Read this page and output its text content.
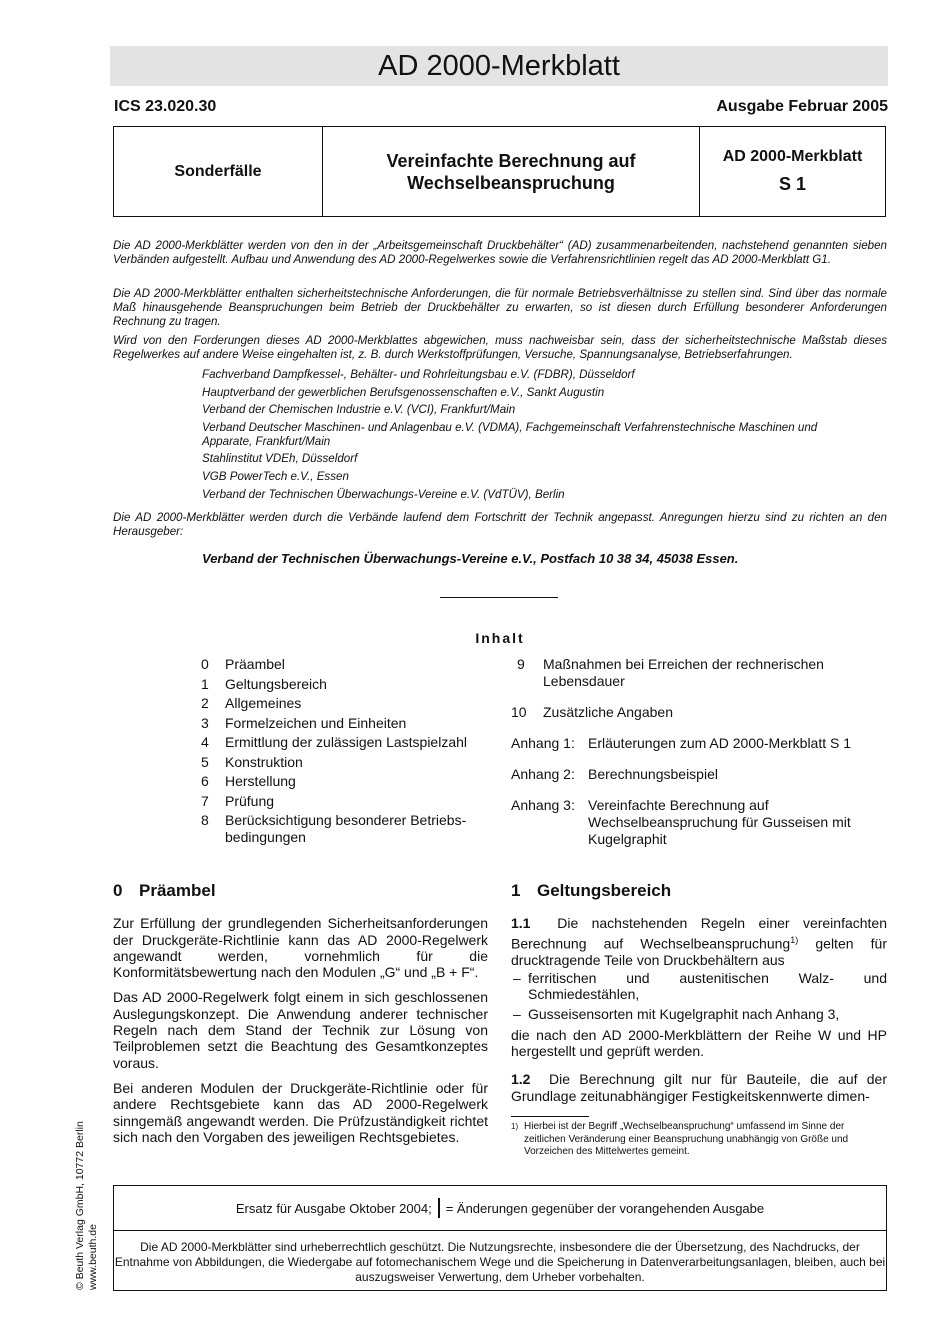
AD 2000-Merkblatt
ICS 23.020.30	Ausgabe Februar 2005
Sonderfälle
Vereinfachte Berechnung auf
Wechselbeanspruchung
AD 2000-Merkblatt
S 1
Die AD 2000-Merkblätter werden von den in der „Arbeitsgemeinschaft Druckbehälter“ (AD) zusammenarbeitenden, nachstehend genannten sieben Verbänden aufgestellt. Aufbau und Anwendung des AD 2000-Regelwerkes sowie die Verfahrensrichtlinien regelt das AD 2000-Merkblatt G1.
Die AD 2000-Merkblätter enthalten sicherheitstechnische Anforderungen, die für normale Betriebsverhältnisse zu stellen sind. Sind über das normale Maß hinausgehende Beanspruchungen beim Betrieb der Druckbehälter zu erwarten, so ist diesen durch Erfüllung besonderer Anforderungen Rechnung zu tragen.
Wird von den Forderungen dieses AD 2000-Merkblattes abgewichen, muss nachweisbar sein, dass der sicherheitstechnische Maßstab dieses Regelwerkes auf andere Weise eingehalten ist, z. B. durch Werkstoffprüfungen, Versuche, Spannungsanalyse, Betriebserfahrungen.
Fachverband Dampfkessel-, Behälter- und Rohrleitungsbau e.V. (FDBR), Düsseldorf
Hauptverband der gewerblichen Berufsgenossenschaften e.V., Sankt Augustin
Verband der Chemischen Industrie e.V. (VCI), Frankfurt/Main
Verband Deutscher Maschinen- und Anlagenbau e.V. (VDMA), Fachgemeinschaft Verfahrenstechnische Maschinen und Apparate, Frankfurt/Main
Stahlinstitut VDEh, Düsseldorf
VGB PowerTech e.V., Essen
Verband der Technischen Überwachungs-Vereine e.V. (VdTÜV), Berlin
Die AD 2000-Merkblätter werden durch die Verbände laufend dem Fortschritt der Technik angepasst. Anregungen hierzu sind zu richten an den Herausgeber:
Verband der Technischen Überwachungs-Vereine e.V., Postfach 10 38 34, 45038 Essen.
Inhalt
0	Präambel
1	Geltungsbereich
2	Allgemeines
3	Formelzeichen und Einheiten
4	Ermittlung der zulässigen Lastspielzahl
5	Konstruktion
6	Herstellung
7	Prüfung
8	Berücksichtigung besonderer Betriebs-bedingungen
9	Maßnahmen bei Erreichen der rechnerischen Lebensdauer
10	Zusätzliche Angaben
Anhang 1: Erläuterungen zum AD 2000-Merkblatt S 1
Anhang 2: Berechnungsbeispiel
Anhang 3: Vereinfachte Berechnung auf Wechselbeanspruchung für Gusseisen mit Kugelgraphit
0 Präambel

Zur Erfüllung der grundlegenden Sicherheitsanforderungen der Druckgeräte-Richtlinie kann das AD 2000-Regelwerk angewandt werden, vornehmlich für die Konformitätsbewertung nach den Modulen „G“ und „B + F“.

Das AD 2000-Regelwerk folgt einem in sich geschlossenen Auslegungskonzept. Die Anwendung anderer technischer Regeln nach dem Stand der Technik zur Lösung von Teilproblemen setzt die Beachtung des Gesamtkonzeptes voraus.

Bei anderen Modulen der Druckgeräte-Richtlinie oder für andere Rechtsgebiete kann das AD 2000-Regelwerk sinngemäß angewandt werden. Die Prüfzuständigkeit richtet sich nach den Vorgaben des jeweiligen Rechtsgebietes.

1 Geltungsbereich

1.1 Die nachstehenden Regeln einer vereinfachten Berechnung auf Wechselbeanspruchung$^{1)}$ gelten für drucktragende Teile von Druckbehältern aus

– ferritischen und austenitischen Walz- und Schmiedestählen,
– Gusseisensorten mit Kugelgraphit nach Anhang 3,

die nach den AD 2000-Merkblättern der Reihe W und HP hergestellt und geprüft werden.

1.2 Die Berechnung gilt nur für Bauteile, die auf der Grundlage zeitunabhängiger Festigkeitskennwerte dimen-

1) Hierbei ist der Begriff „Wechselbeanspruchung“ umfassend im Sinne der zeitlichen Veränderung einer Beanspruchung unabhängig von Größe und Vorzeichen des Mittelwertes gemeint.
© Beuth Verlag GmbH, 10772 Berlin www.beuth.de
Ersatz für Ausgabe Oktober 2004; = Änderungen gegenüber der vorangehenden Ausgabe
Die AD 2000-Merkblätter sind urheberrechtlich geschützt. Die Nutzungsrechte, insbesondere die der Übersetzung, des Nachdrucks, der Entnahme von Abbildungen, die Wiedergabe auf fotomechanischem Wege und die Speicherung in Datenverarbeitungsanlagen, bleiben, auch bei auszugsweiser Verwertung, dem Urheber vorbehalten.
